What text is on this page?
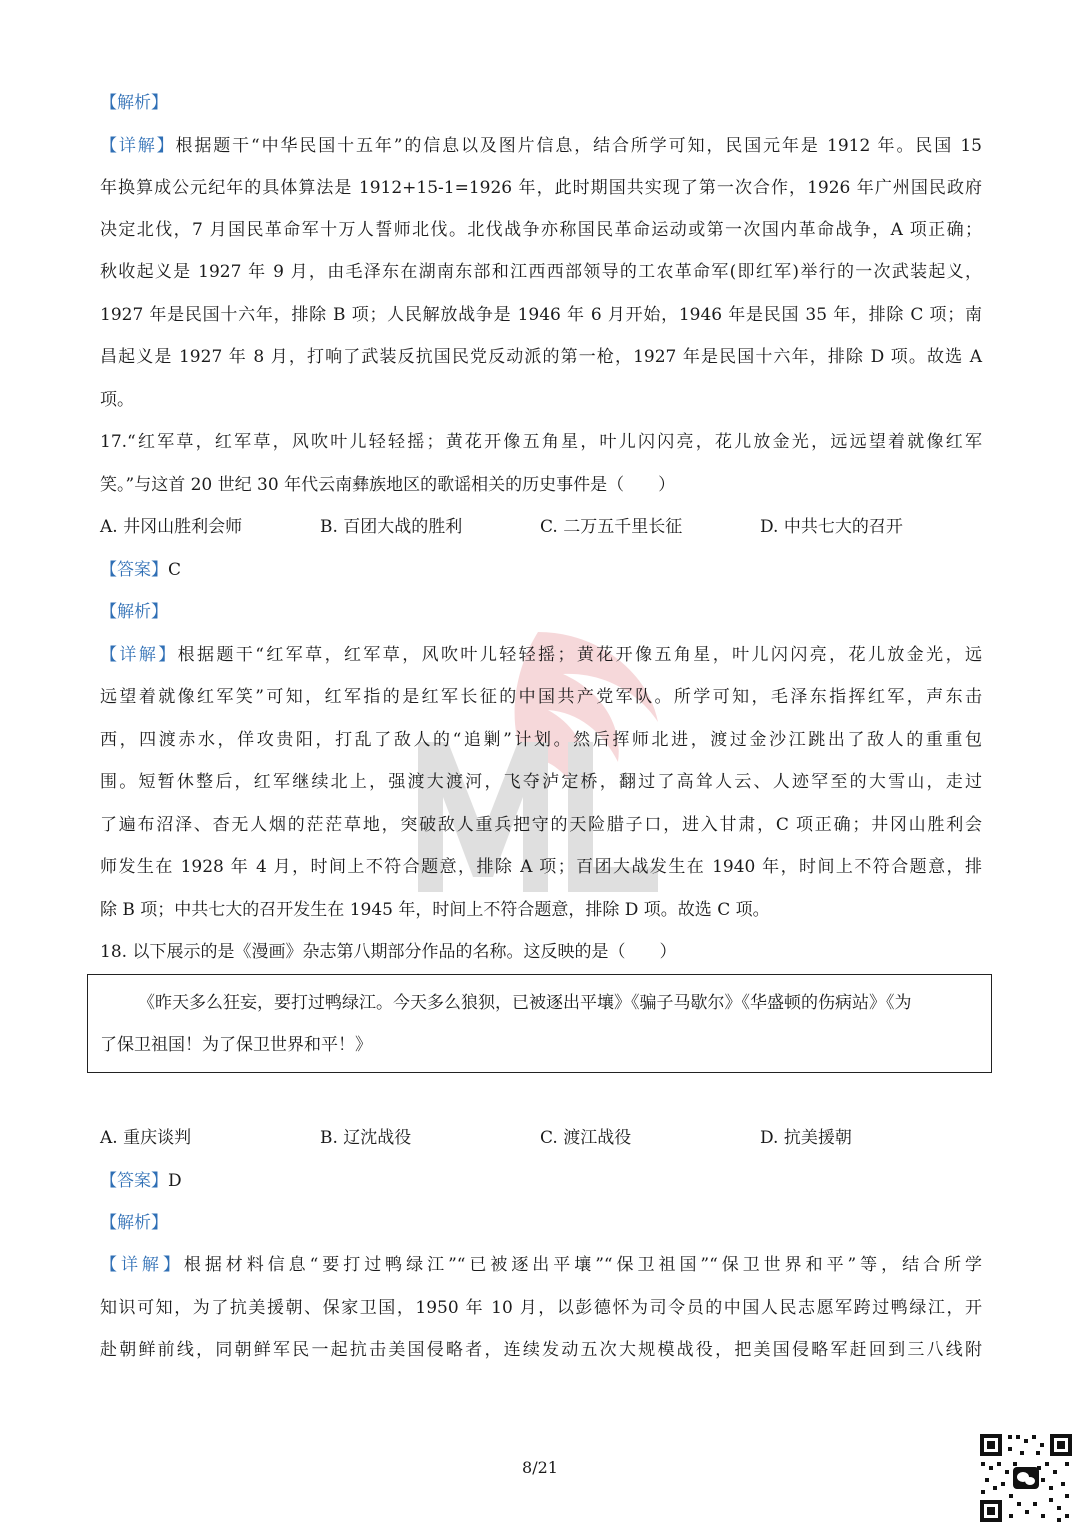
【解析】
【详解】根据题干“中华民国十五年”的信息以及图片信息，结合所学可知，民国元年是 1912 年。民国 15
年换算成公元纪年的具体算法是 1912+15-1=1926 年，此时期国共实现了第一次合作，1926 年广州国民政府
决定北伐，7 月国民革命军十万人誓师北伐。北伐战争亦称国民革命运动或第一次国内革命战争，A 项正确；
秋收起义是 1927 年 9 月，由毛泽东在湖南东部和江西西部领导的工农革命军(即红军)举行的一次武装起义，
1927 年是民国十六年，排除 B 项；人民解放战争是 1946 年 6 月开始，1946 年是民国 35 年，排除 C 项；南
昌起义是 1927 年 8 月，打响了武装反抗国民党反动派的第一枪，1927 年是民国十六年，排除 D 项。故选 A
项。
17.“红军草，红军草，风吹叶儿轻轻摇；黄花开像五角星，叶儿闪闪亮，花儿放金光，远远望着就像红军
笑。”与这首 20 世纪 30 年代云南彝族地区的歌谣相关的历史事件是（　　）
A. 井冈山胜利会师	B. 百团大战的胜利	C. 二万五千里长征	D. 中共七大的召开
【答案】C
【解析】
【详解】根据题干“红军草，红军草，风吹叶儿轻轻摇；黄花开像五角星，叶儿闪闪亮，花儿放金光，远
远望着就像红军笑”可知，红军指的是红军长征的中国共产党军队。所学可知，毛泽东指挥红军，声东击
西，四渡赤水，佯攻贵阳，打乱了敌人的“追剿”计划。然后挥师北进，渡过金沙江跳出了敌人的重重包
围。短暂休整后，红军继续北上，强渡大渡河，飞夺泸定桥，翻过了高耸人云、人迹罕至的大雪山，走过
了遍布沼泽、杳无人烟的茫茫草地，突破敌人重兵把守的天险腊子口，进入甘肃，C 项正确；井冈山胜利会
师发生在 1928 年 4 月，时间上不符合题意，排除 A 项；百团大战发生在 1940 年，时间上不符合题意，排
除 B 项；中共七大的召开发生在 1945 年，时间上不符合题意，排除 D 项。故选 C 项。
18. 以下展示的是《漫画》杂志第八期部分作品的名称。这反映的是（　　）
《昨天多么狂妄，要打过鸭绿江。今天多么狼狈，已被逐出平壤》《骗子马歇尔》《华盛顿的伤病站》《为
了保卫祖国！为了保卫世界和平！》
A. 重庆谈判	B. 辽沈战役	C. 渡江战役	D. 抗美援朝
【答案】D
【解析】
【详解】根据材料信息“要打过鸭绿江”“已被逐出平壤”“保卫祖国”“保卫世界和平”等，结合所学
知识可知，为了抗美援朝、保家卫国，1950 年 10 月，以彭德怀为司令员的中国人民志愿军跨过鸭绿江，开
赴朝鲜前线，同朝鲜军民一起抗击美国侵略者，连续发动五次大规模战役，把美国侵略军赶回到三八线附
8/21
